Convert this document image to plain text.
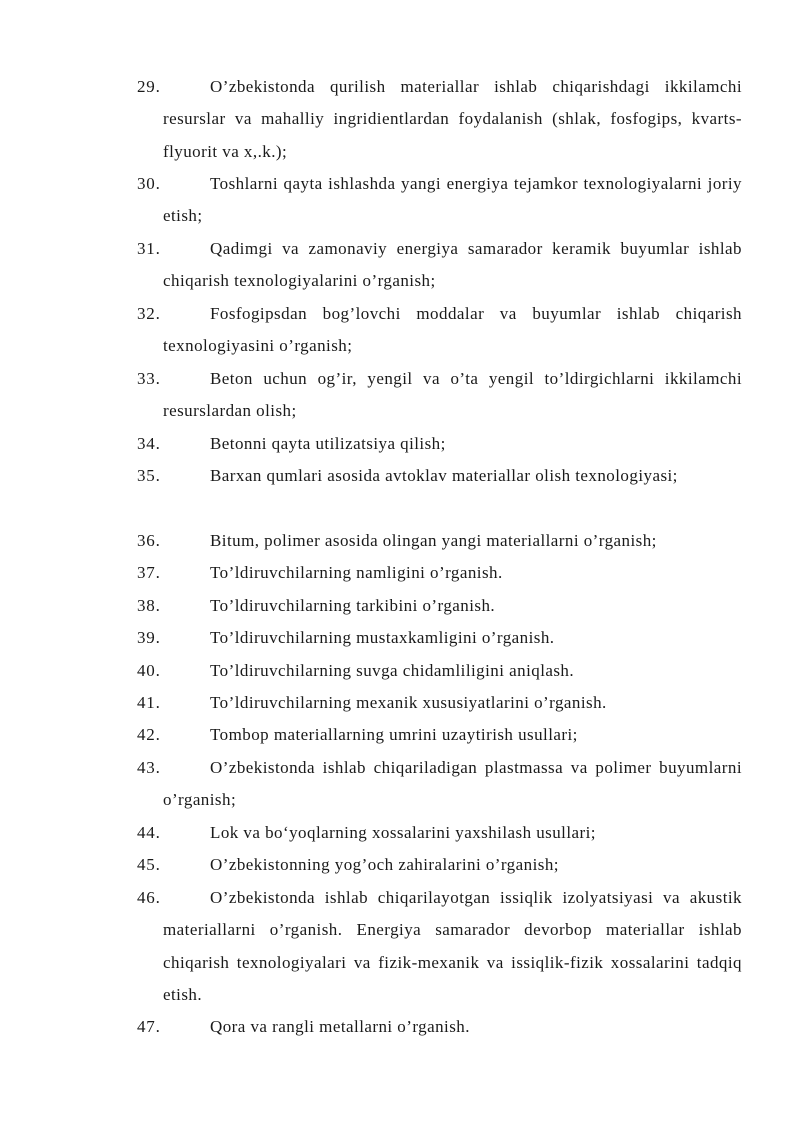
29.	O’zbekistonda qurilish materiallar ishlab chiqarishdagi ikkilamchi resurslar va mahalliy ingridientlardan foydalanish (shlak, fosfogips, kvarts-flyuorit va x,.k.);
30.	Toshlarni qayta ishlashda yangi energiya tejamkor texnologiyalarni joriy etish;
31.	Qadimgi va zamonaviy energiya samarador keramik buyumlar ishlab chiqarish texnologiyalarini o’rganish;
32.	Fosfogipsdan bog’lovchi moddalar va buyumlar ishlab chiqarish texnologiyasini o’rganish;
33.	Beton uchun og’ir, yengil va o’ta yengil to’ldirgichlarni ikkilamchi resurslardan olish;
34.	Betonni qayta utilizatsiya qilish;
35.	Barxan qumlari asosida avtoklav materiallar olish texnologiyasi;
36.	Bitum, polimer asosida olingan yangi materiallarni o’rganish;
37.	To’ldiruvchilarning namligini o’rganish.
38.	To’ldiruvchilarning tarkibini o’rganish.
39.	To’ldiruvchilarning mustaxkamligini o’rganish.
40.	To’ldiruvchilarning suvga chidamliligini aniqlash.
41.	To’ldiruvchilarning mexanik xususiyatlarini o’rganish.
42.	Tombop materiallarning umrini uzaytirish usullari;
43.	O’zbekistonda ishlab chiqariladigan plastmassa va polimer buyumlarni o’rganish;
44.	Lok va bo‘yoqlarning xossalarini yaxshilash usullari;
45.	O’zbekistonning yog’och zahiralarini o’rganish;
46.	O’zbekistonda ishlab chiqarilayotgan issiqlik izolyatsiyasi va akustik materiallarni o’rganish. Energiya samarador devorbop materiallar ishlab chiqarish texnologiyalari va fizik-mexanik va issiqlik-fizik xossalarini tadqiq etish.
47.	Qora va rangli metallarni o’rganish.
